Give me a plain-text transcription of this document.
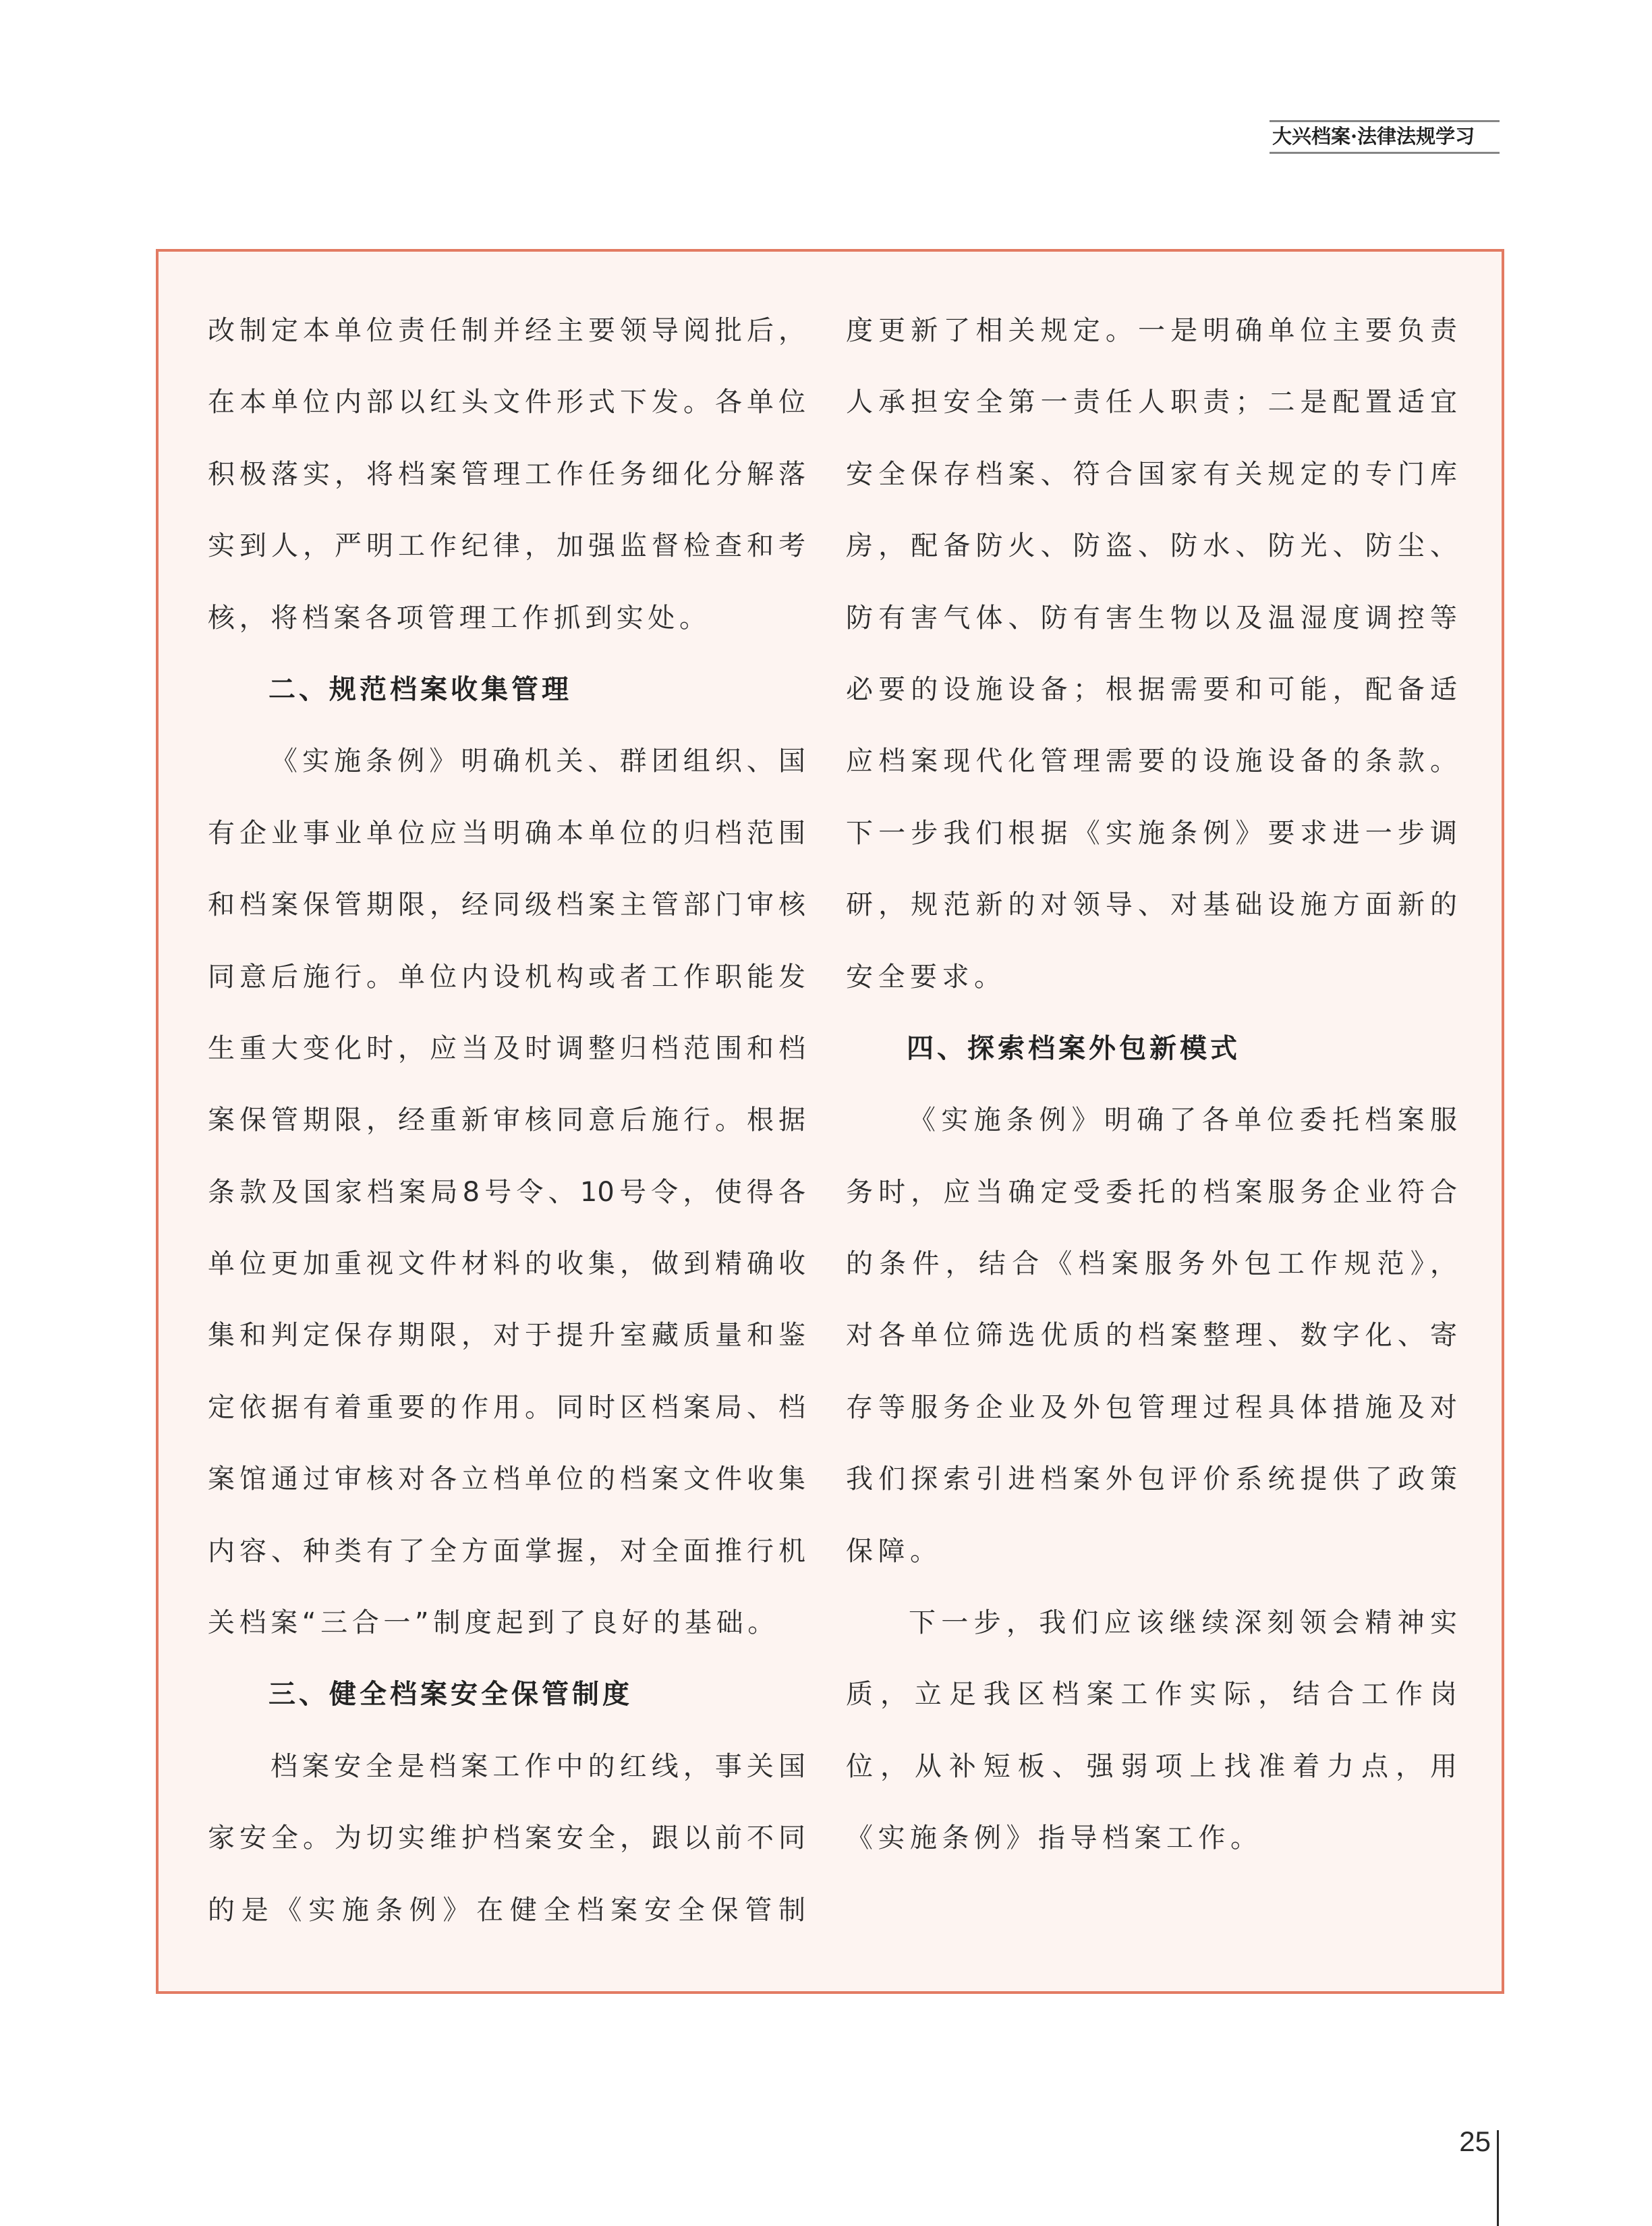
大兴档案·法律法规学习
改制定本单位责任制并经主要领导阅批后，
在本单位内部以红头文件形式下发。各单位
积极落实，将档案管理工作任务细化分解落
实到人，严明工作纪律，加强监督检查和考
核，将档案各项管理工作抓到实处。
二、规范档案收集管理
《实施条例》明确机关、群团组织、国
有企业事业单位应当明确本单位的归档范围
和档案保管期限，经同级档案主管部门审核
同意后施行。单位内设机构或者工作职能发
生重大变化时，应当及时调整归档范围和档
案保管期限，经重新审核同意后施行。根据
条款及国家档案局8号令、10号令，使得各
单位更加重视文件材料的收集，做到精确收
集和判定保存期限，对于提升室藏质量和鉴
定依据有着重要的作用。同时区档案局、档
案馆通过审核对各立档单位的档案文件收集
内容、种类有了全方面掌握，对全面推行机
关档案“三合一”制度起到了良好的基础。
三、健全档案安全保管制度
档案安全是档案工作中的红线，事关国
家安全。为切实维护档案安全，跟以前不同
的是《实施条例》在健全档案安全保管制
度更新了相关规定。一是明确单位主要负责
人承担安全第一责任人职责；二是配置适宜
安全保存档案、符合国家有关规定的专门库
房，配备防火、防盗、防水、防光、防尘、
防有害气体、防有害生物以及温湿度调控等
必要的设施设备；根据需要和可能，配备适
应档案现代化管理需要的设施设备的条款。
下一步我们根据《实施条例》要求进一步调
研，规范新的对领导、对基础设施方面新的
安全要求。
四、探索档案外包新模式
《实施条例》明确了各单位委托档案服
务时，应当确定受委托的档案服务企业符合
的条件，结合《档案服务外包工作规范》，
对各单位筛选优质的档案整理、数字化、寄
存等服务企业及外包管理过程具体措施及对
我们探索引进档案外包评价系统提供了政策
保障。
下一步，我们应该继续深刻领会精神实
质，立足我区档案工作实际，结合工作岗
位，从补短板、强弱项上找准着力点，用
《实施条例》指导档案工作。
25
